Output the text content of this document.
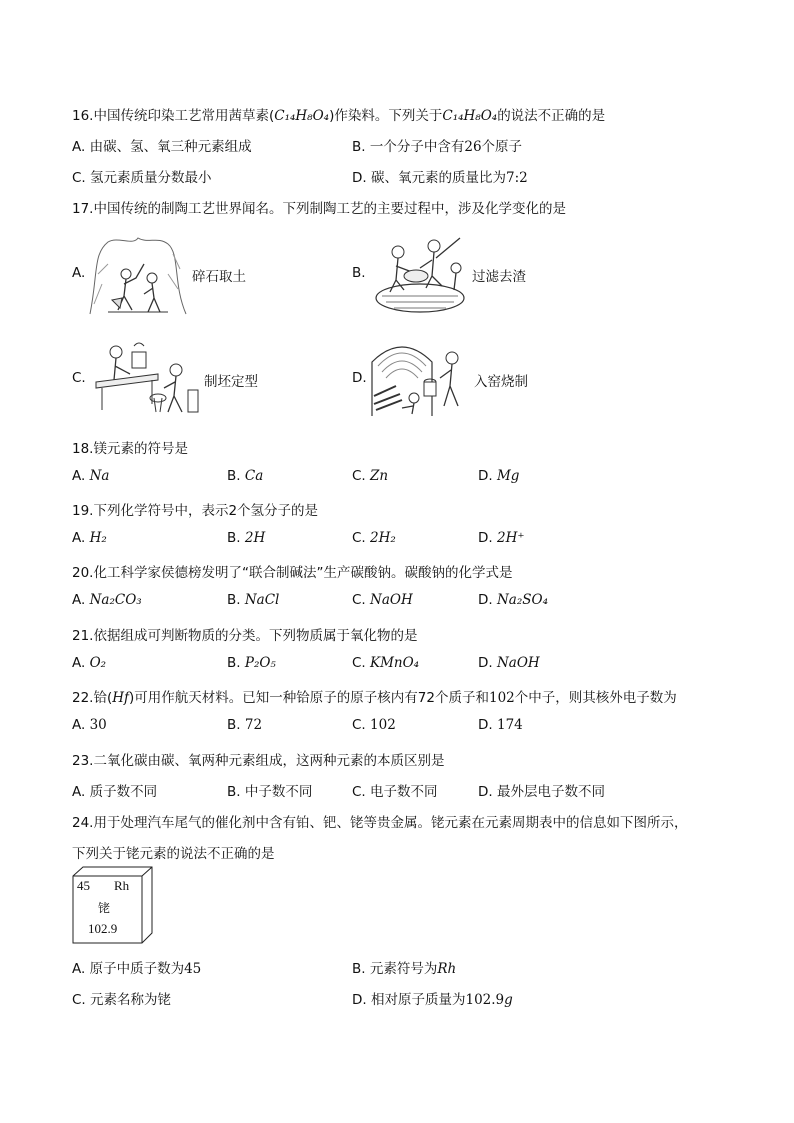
16.中国传统印染工艺常用茜草素(C₁₄H₈O₄)作染料。下列关于C₁₄H₈O₄的说法不正确的是
A. 由碳、氢、氧三种元素组成	B. 一个分子中含有26个原子
C. 氢元素质量分数最小	D. 碳、氧元素的质量比为7:2
17.中国传统的制陶工艺世界闻名。下列制陶工艺的主要过程中，涉及化学变化的是
A.	碎石取土	B.	过滤去渣
C.	制坯定型	D.	入窑烧制
18.镁元素的符号是
A. Na	B. Ca	C. Zn	D. Mg
19.下列化学符号中，表示2个氢分子的是
A. H₂	B. 2H	C. 2H₂	D. 2H⁺
20.化工科学家侯德榜发明了“联合制碱法”生产碳酸钠。碳酸钠的化学式是
A. Na₂CO₃	B. NaCl	C. NaOH	D. Na₂SO₄
21.依据组成可判断物质的分类。下列物质属于氧化物的是
A. O₂	B. P₂O₅	C. KMnO₄	D. NaOH
22.铪(Hf)可用作航天材料。已知一种铪原子的原子核内有72个质子和102个中子，则其核外电子数为
A. 30	B. 72	C. 102	D. 174
23.二氧化碳由碳、氧两种元素组成，这两种元素的本质区别是
A. 质子数不同	B. 中子数不同	C. 电子数不同	D. 最外层电子数不同
24.用于处理汽车尾气的催化剂中含有铂、钯、铑等贵金属。铑元素在元素周期表中的信息如下图所示，
下列关于铑元素的说法不正确的是
45 Rh
铑
102.9
A. 原子中质子数为45	B. 元素符号为Rh
C. 元素名称为铑	D. 相对原子质量为102.9g
